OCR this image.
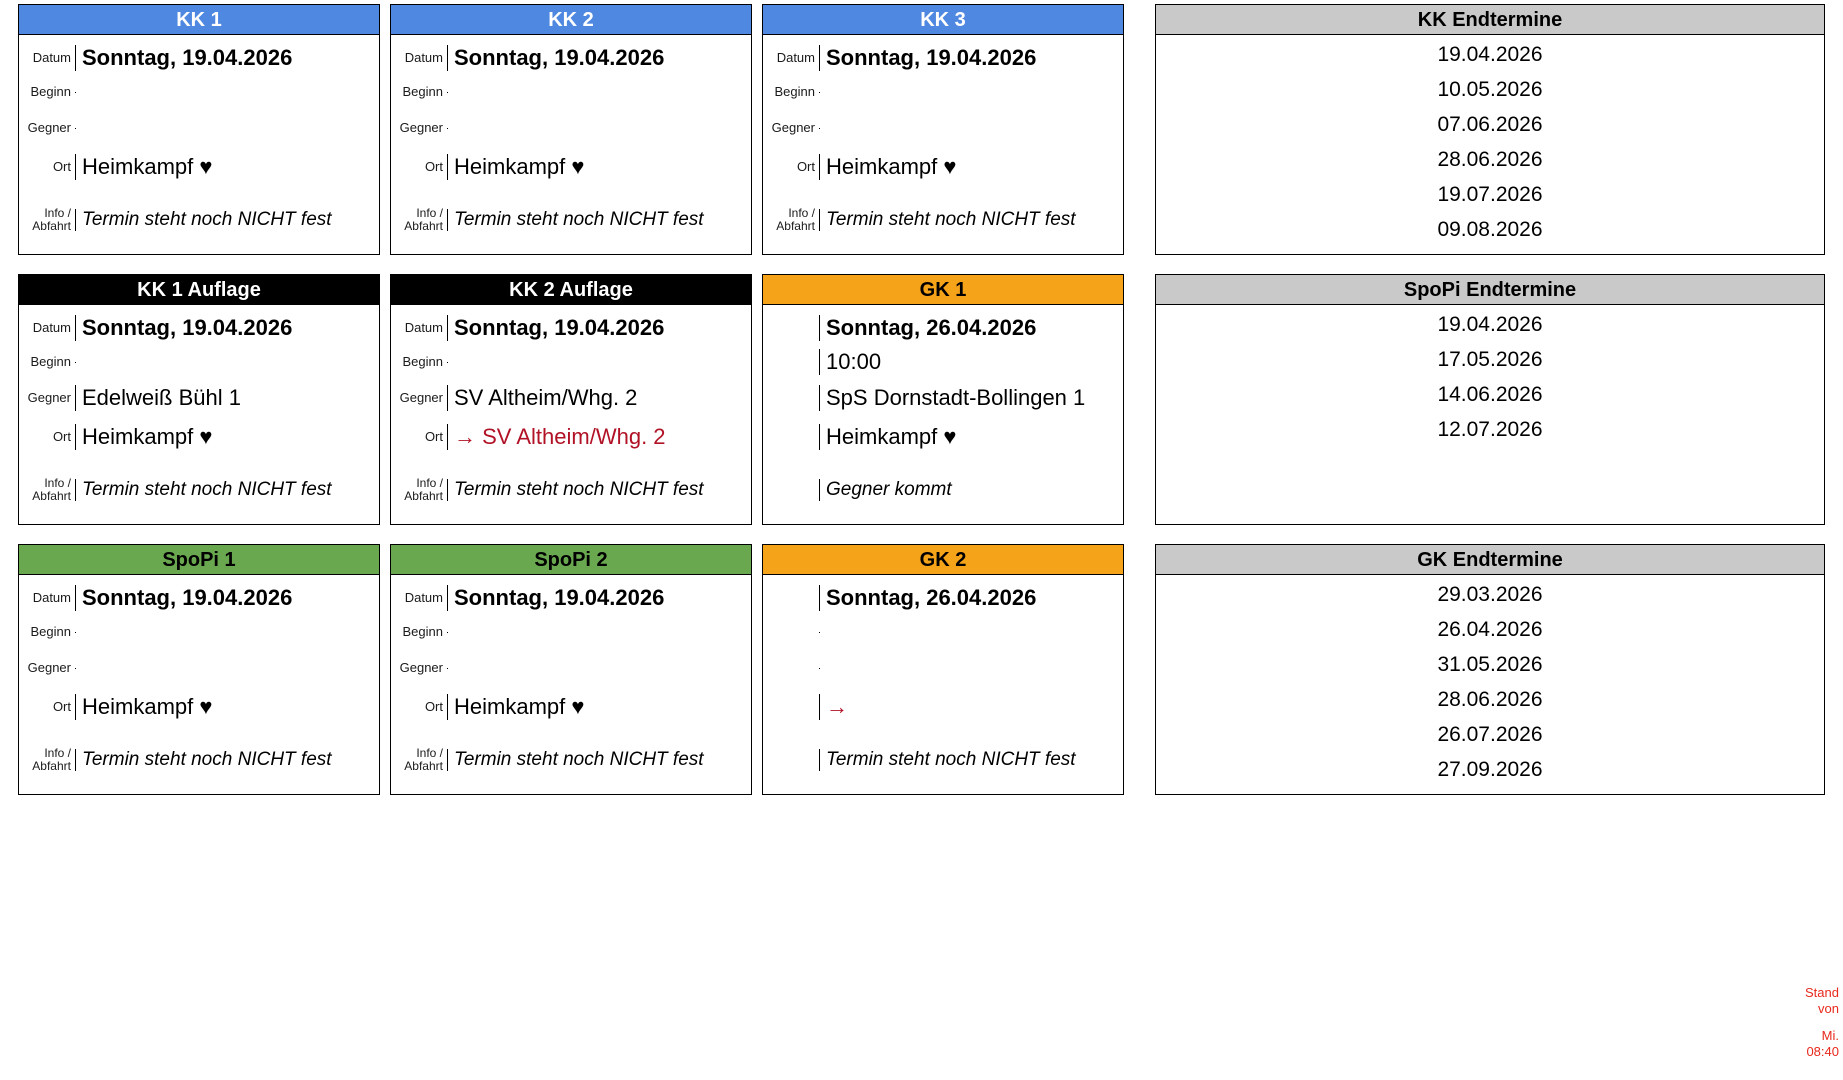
KK 1
Datum Sonntag, 19.04.2026
Beginn
Gegner
Ort Heimkampf ♥
Info /
Abfahrt Termin steht noch NICHT fest
KK 2
Datum Sonntag, 19.04.2026
Beginn
Gegner
Ort Heimkampf ♥
Info /
Abfahrt Termin steht noch NICHT fest
KK 3
Datum Sonntag, 19.04.2026
Beginn
Gegner
Ort Heimkampf ♥
Info /
Abfahrt Termin steht noch NICHT fest
KK 1 Auflage
Datum Sonntag, 19.04.2026
Beginn
Gegner Edelweiß Bühl 1
Ort Heimkampf ♥
Info /
Abfahrt Termin steht noch NICHT fest
KK 2 Auflage
Datum Sonntag, 19.04.2026
Beginn
Gegner SV Altheim/Whg. 2
Ort → SV Altheim/Whg. 2
Info /
Abfahrt Termin steht noch NICHT fest
GK 1
Sonntag, 26.04.2026
10:00
SpS Dornstadt-Bollingen 1
Heimkampf ♥
Gegner kommt
SpoPi 1
Datum Sonntag, 19.04.2026
Beginn
Gegner
Ort Heimkampf ♥
Info /
Abfahrt Termin steht noch NICHT fest
SpoPi 2
Datum Sonntag, 19.04.2026
Beginn
Gegner
Ort Heimkampf ♥
Info /
Abfahrt Termin steht noch NICHT fest
GK 2
Sonntag, 26.04.2026
→
Termin steht noch NICHT fest
KK Endtermine
19.04.2026
10.05.2026
07.06.2026
28.06.2026
19.07.2026
09.08.2026
SpoPi Endtermine
19.04.2026
17.05.2026
14.06.2026
12.07.2026
GK Endtermine
29.03.2026
26.04.2026
31.05.2026
28.06.2026
26.07.2026
27.09.2026
Stand
von
Mi.
08:40
